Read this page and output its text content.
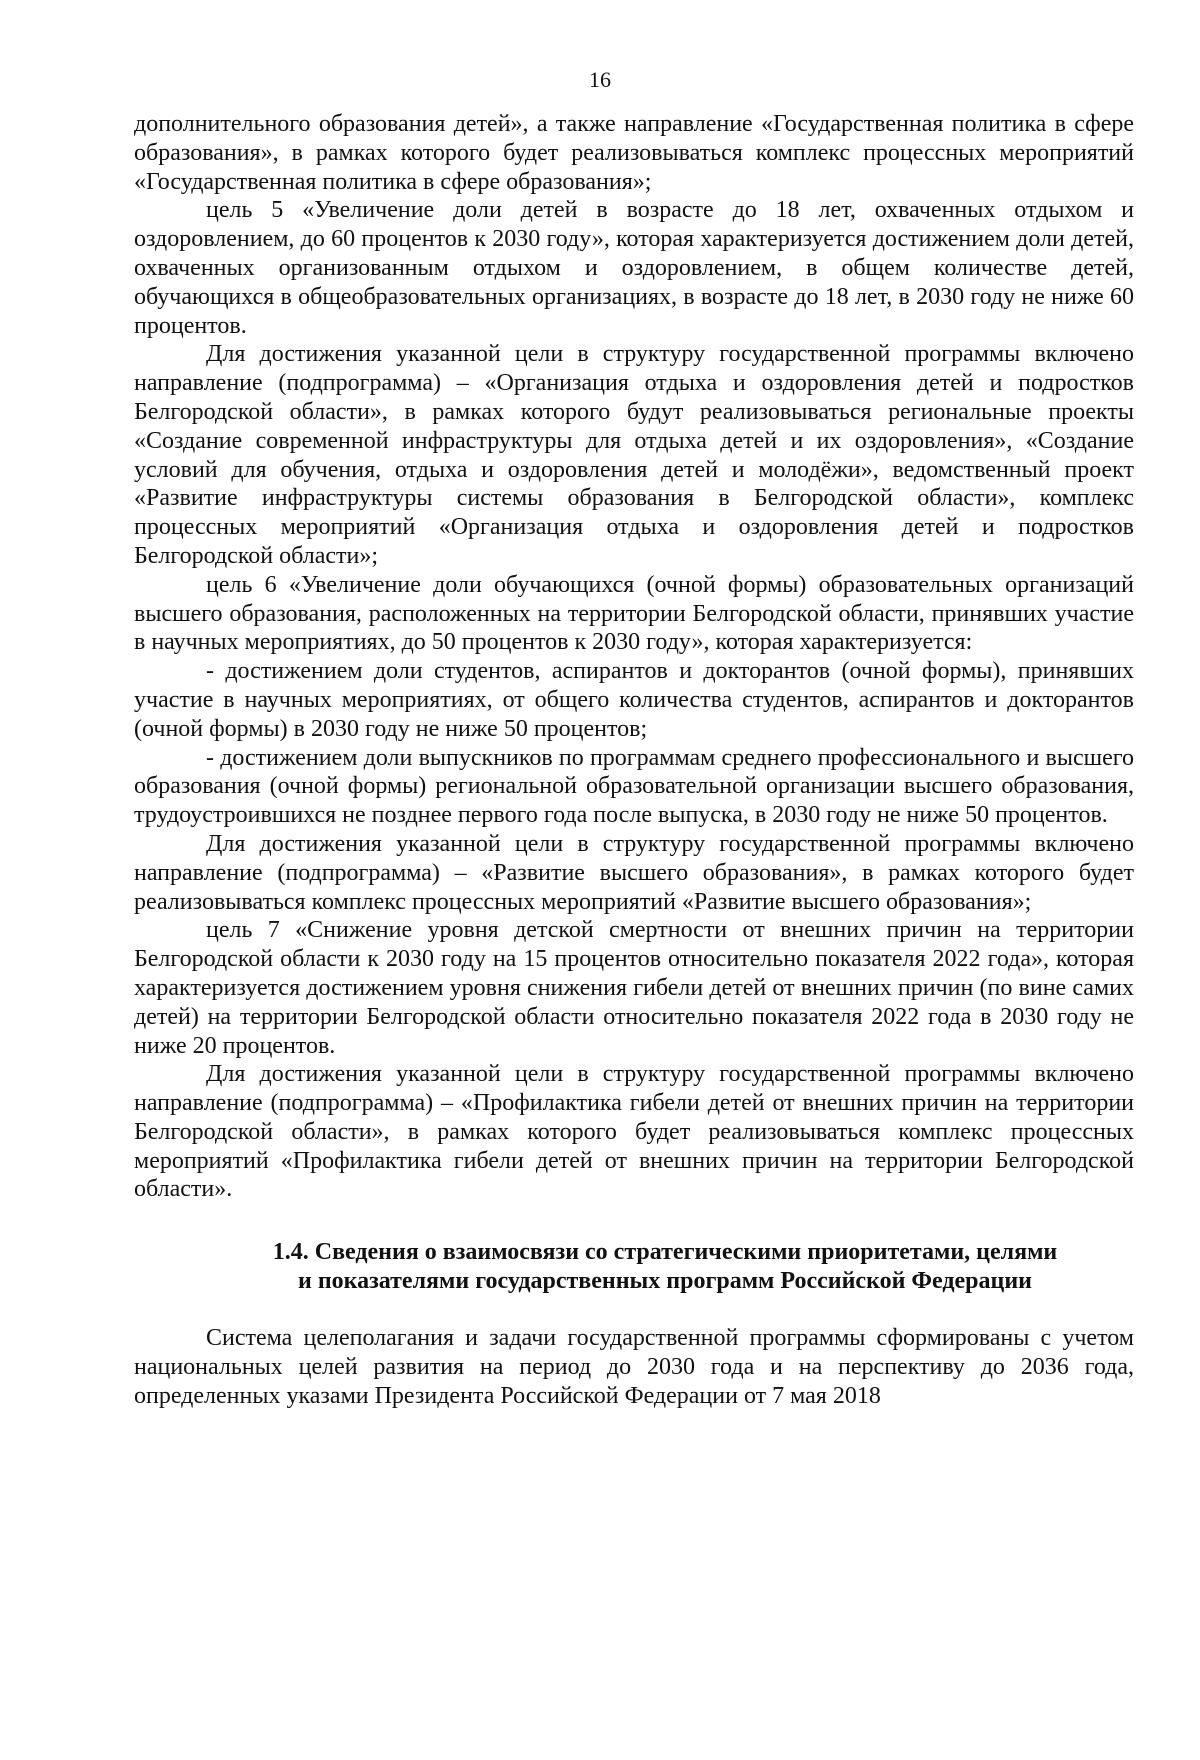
16

дополнительного образования детей», а также направление «Государственная политика в сфере образования», в рамках которого будет реализовываться комплекс процессных мероприятий «Государственная политика в сфере образования»;

цель 5 «Увеличение доли детей в возрасте до 18 лет, охваченных отдыхом и оздоровлением, до 60 процентов к 2030 году», которая характеризуется достижением доли детей, охваченных организованным отдыхом и оздоровлением, в общем количестве детей, обучающихся в общеобразовательных организациях, в возрасте до 18 лет, в 2030 году не ниже 60 процентов.

Для достижения указанной цели в структуру государственной программы включено направление (подпрограмма) – «Организация отдыха и оздоровления детей и подростков Белгородской области», в рамках которого будут реализовываться региональные проекты «Создание современной инфраструктуры для отдыха детей и их оздоровления», «Создание условий для обучения, отдыха и оздоровления детей и молодёжи», ведомственный проект «Развитие инфраструктуры системы образования в Белгородской области», комплекс процессных мероприятий «Организация отдыха и оздоровления детей и подростков Белгородской области»;

цель 6 «Увеличение доли обучающихся (очной формы) образовательных организаций высшего образования, расположенных на территории Белгородской области, принявших участие в научных мероприятиях, до 50 процентов к 2030 году», которая характеризуется:

- достижением доли студентов, аспирантов и докторантов (очной формы), принявших участие в научных мероприятиях, от общего количества студентов, аспирантов и докторантов (очной формы) в 2030 году не ниже 50 процентов;

- достижением доли выпускников по программам среднего профессионального и высшего образования (очной формы) региональной образовательной организации высшего образования, трудоустроившихся не позднее первого года после выпуска, в 2030 году не ниже 50 процентов.

Для достижения указанной цели в структуру государственной программы включено направление (подпрограмма) – «Развитие высшего образования», в рамках которого будет реализовываться комплекс процессных мероприятий «Развитие высшего образования»;

цель 7 «Снижение уровня детской смертности от внешних причин на территории Белгородской области к 2030 году на 15 процентов относительно показателя 2022 года», которая характеризуется достижением уровня снижения гибели детей от внешних причин (по вине самих детей) на территории Белгородской области относительно показателя 2022 года в 2030 году не ниже 20 процентов.

Для достижения указанной цели в структуру государственной программы включено направление (подпрограмма) – «Профилактика гибели детей от внешних причин на территории Белгородской области», в рамках которого будет реализовываться комплекс процессных мероприятий «Профилактика гибели детей от внешних причин на территории Белгородской области».

1.4. Сведения о взаимосвязи со стратегическими приоритетами, целями
и показателями государственных программ Российской Федерации

Система целеполагания и задачи государственной программы сформированы с учетом национальных целей развития на период до 2030 года и на перспективу до 2036 года, определенных указами Президента Российской Федерации от 7 мая 2018
